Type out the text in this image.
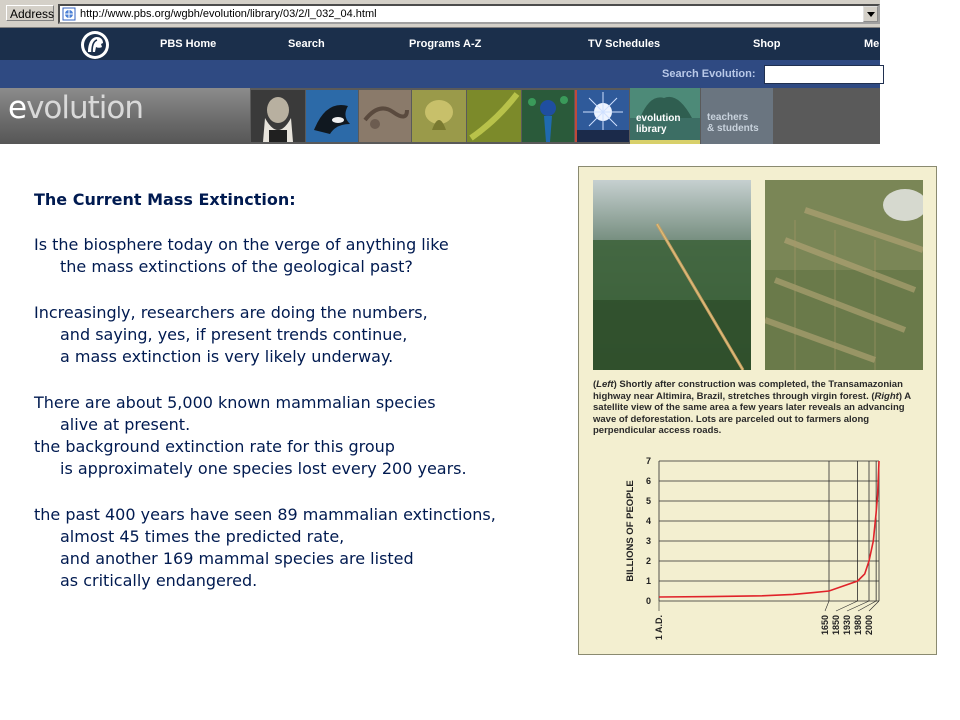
Address http://www.pbs.org/wgbh/evolution/library/03/2/l_032_04.html
PBS Home	Search	Programs A-Z	TV Schedules	Shop	Me
Search Evolution:
evolution	evolution
library
teachers
& students
The Current Mass Extinction:
Is the biosphere today on the verge of anything like
the mass extinctions of the geological past?
Increasingly, researchers are doing the numbers,
and saying, yes, if present trends continue,
a mass extinction is very likely underway.
There are about 5,000 known mammalian species
alive at present.
the background extinction rate for this group
is approximately one species lost every 200 years.
the past 400 years have seen 89 mammalian extinctions,
almost 45 times the predicted rate,
and another 169 mammal species are listed
as critically endangered.
(Left) Shortly after construction was completed, the Transamazonian highway near Altimira, Brazil, stretches through virgin forest. (Right) A satellite view of the same area a few years later reveals an advancing wave of deforestation. Lots are parceled out to farmers along perpendicular access roads.
0
1
2
3
4
5
6
7
1 A.D.	1650 1850 1930 1980 2000
BILLIONS OF PEOPLE
